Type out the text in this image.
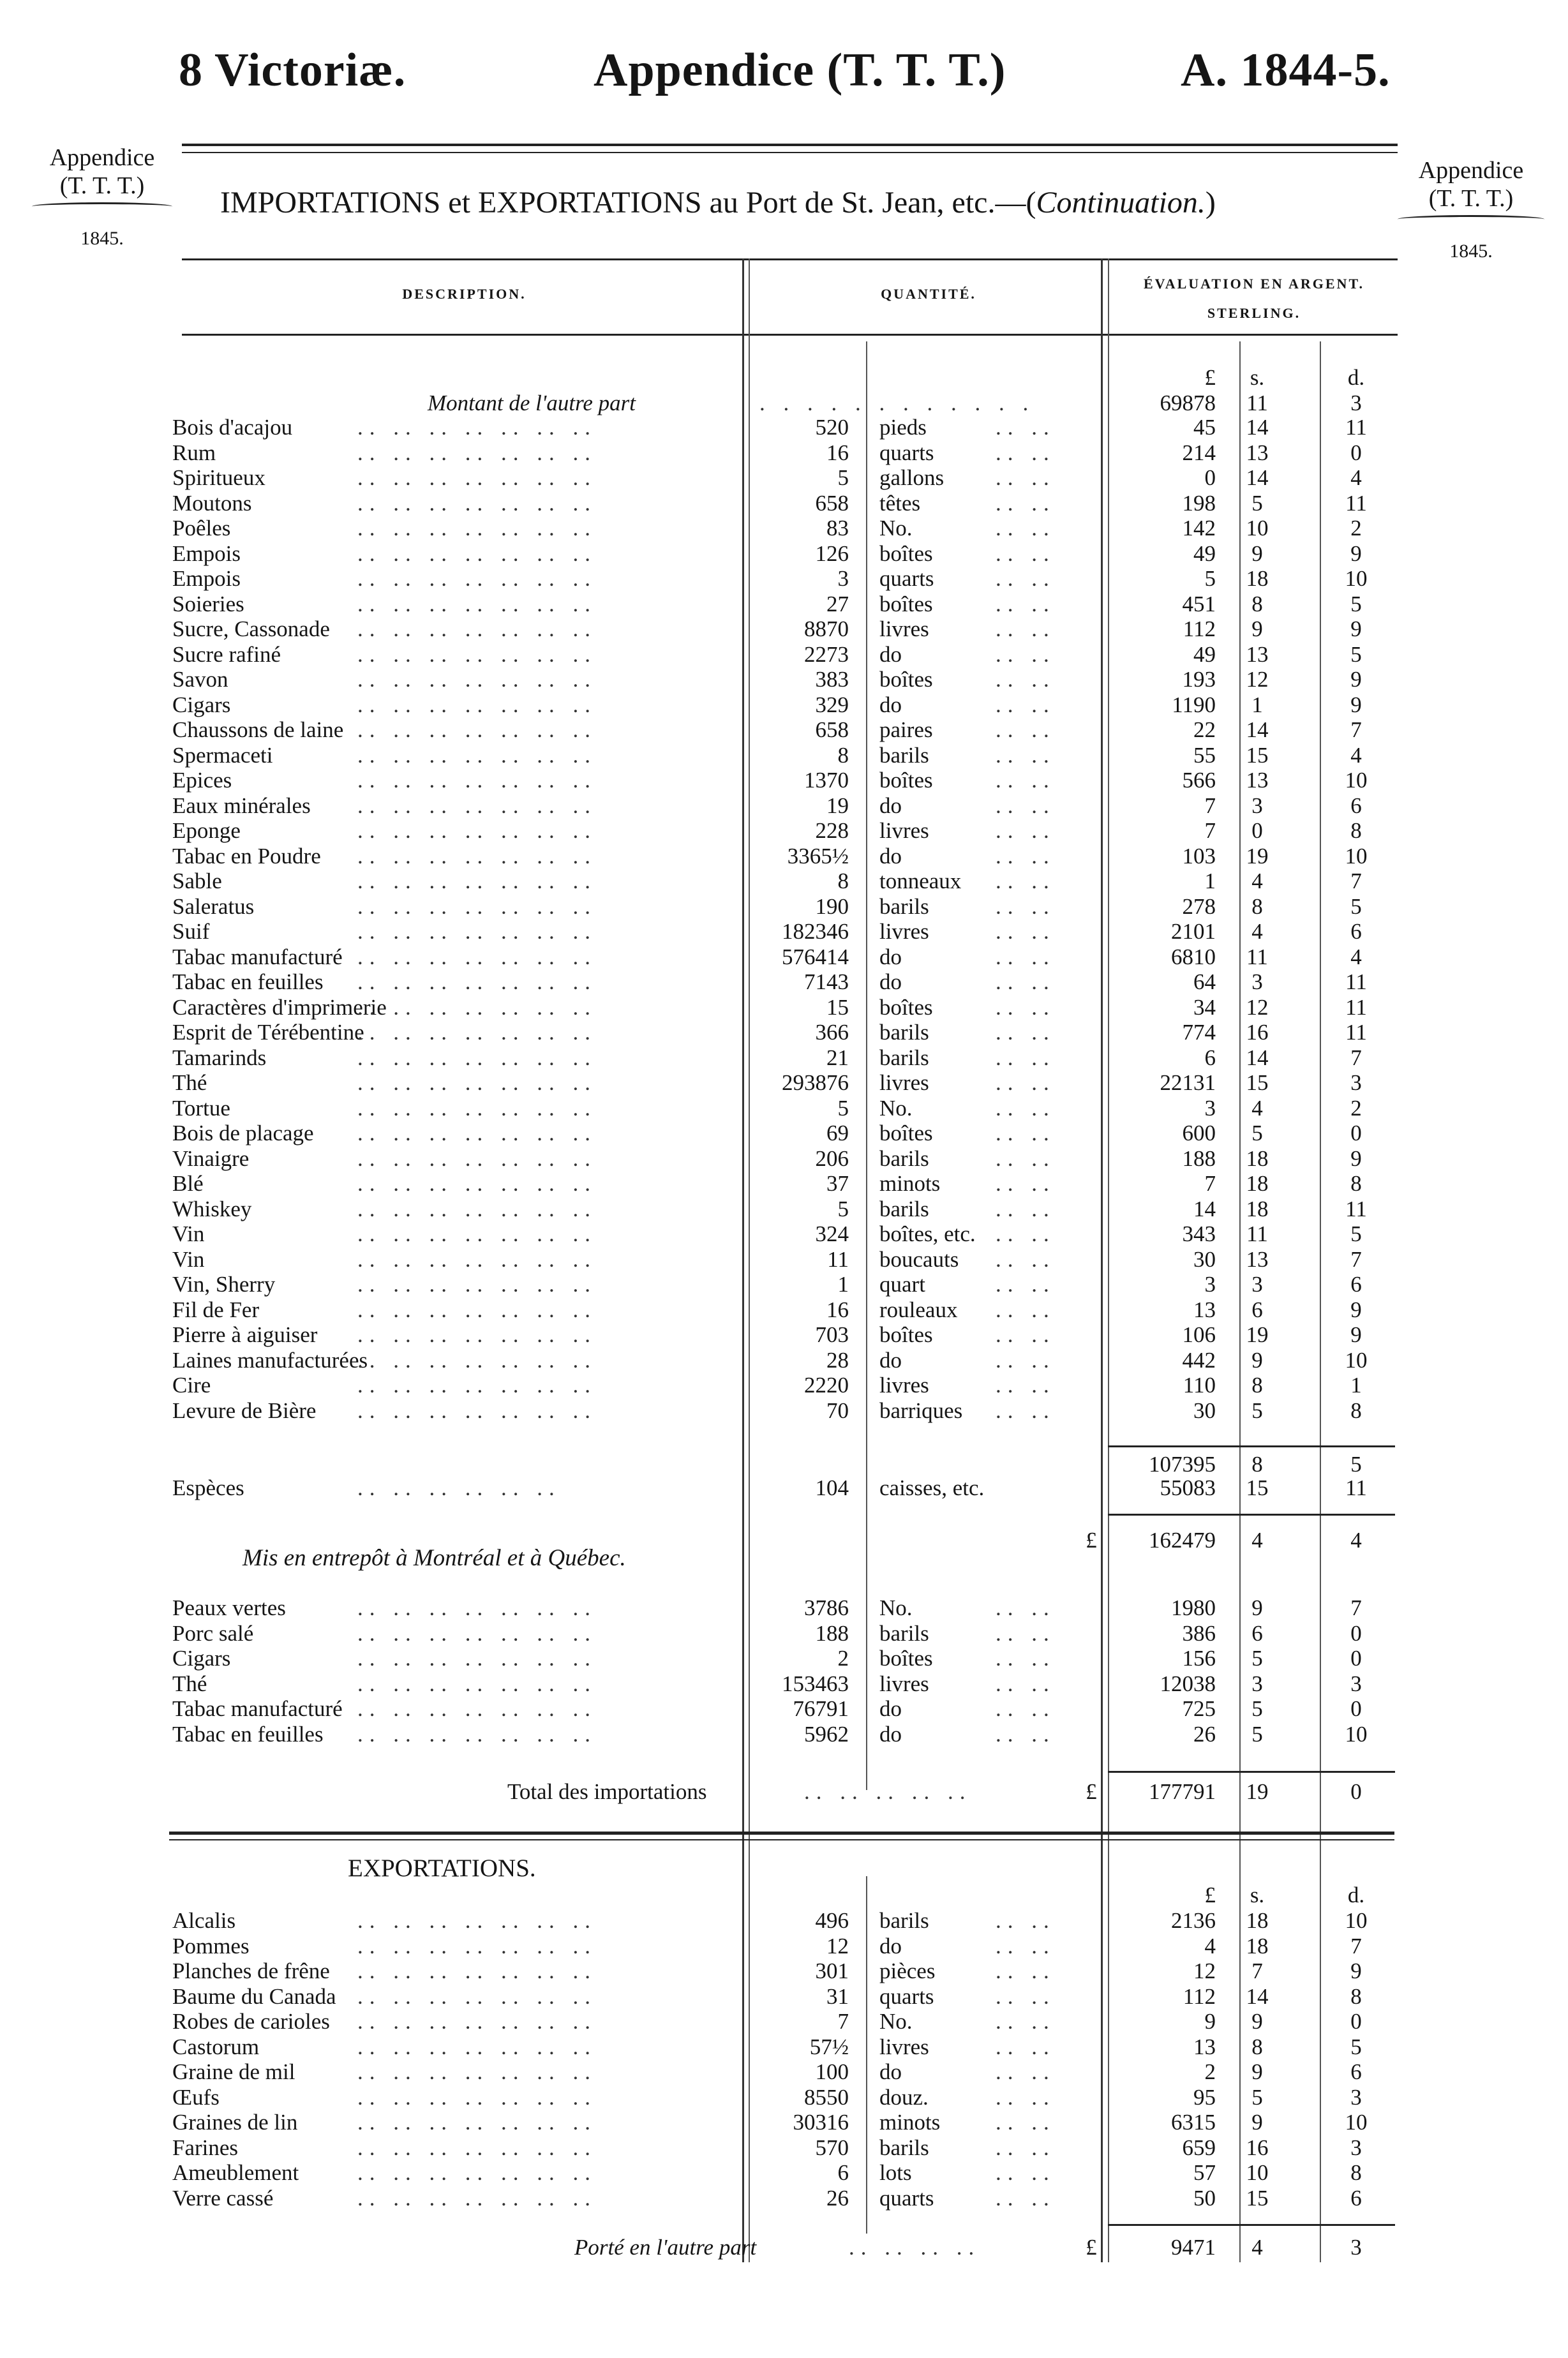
8 Victoriæ.	Appendice (T. T. T.)	A. 1844-5.
Appendice
(T. T. T.)
1845.
Appendice
(T. T. T.)
1845.
IMPORTATIONS et EXPORTATIONS au Port de St. Jean, etc.—(Continuation.)
DESCRIPTION.	QUANTITÉ.
ÉVALUATION EN ARGENT.
STERLING.
£	s.	d.
Montant de l'autre part	. . . . . . . . . . . .	69878	11	3
Bois d'acajou	.. .. .. .. .. .. ..	520 pieds	.. ..	45	14	11
Rum	.. .. .. .. .. .. ..	16 quarts	.. ..	214	13	0
Spiritueux	.. .. .. .. .. .. ..	5 gallons	.. ..	0	14	4
Moutons	.. .. .. .. .. .. ..	658 têtes	.. ..	198	5	11
Poêles	.. .. .. .. .. .. ..	83 No.	.. ..	142	10	2
Empois	.. .. .. .. .. .. ..	126 boîtes	.. ..	49	9	9
Empois	.. .. .. .. .. .. ..	3 quarts	.. ..	5	18	10
Soieries	.. .. .. .. .. .. ..	27 boîtes	.. ..	451	8	5
Sucre, Cassonade .. .. .. .. .. .. ..	8870 livres	.. ..	112	9	9
Sucre rafiné	.. .. .. .. .. .. ..	2273 do	.. ..	49	13	5
Savon	.. .. .. .. .. .. ..	383 boîtes	.. ..	193	12	9
Cigars	.. .. .. .. .. .. ..	329 do	.. ..	1190	1	9
Chaussons de laine .. .. .. .. .. .. ..	658 paires	.. ..	22	14	7
Spermaceti	.. .. .. .. .. .. ..	8 barils	.. ..	55	15	4
Epices	.. .. .. .. .. .. ..	1370 boîtes	.. ..	566	13	10
Eaux minérales .. .. .. .. .. .. ..	19 do	.. ..	7	3	6
Eponge	.. .. .. .. .. .. ..	228 livres	.. ..	7	0	8
Tabac en Poudre .. .. .. .. .. .. ..	3365½ do	.. ..	103	19	10
Sable	.. .. .. .. .. .. ..	8 tonneaux	.. ..	1	4	7
Saleratus	.. .. .. .. .. .. ..	190 barils	.. ..	278	8	5
Suif	.. .. .. .. .. .. ..	182346 livres	.. ..	2101	4	6
Tabac manufacturé .. .. .. .. .. .. ..	576414 do	.. ..	6810	11	4
Tabac en feuilles .. .. .. .. .. .. ..	7143 do	.. ..	64	3	11
Caractères d'imprimerie
.. .. .. .. .. .. ..	15 boîtes	.. ..	34	12	11
Esprit de Térébentine
.. .. .. .. .. .. ..	366 barils	.. ..	774	16	11
Tamarinds	.. .. .. .. .. .. ..	21 barils	.. ..	6	14	7
Thé	.. .. .. .. .. .. ..	293876 livres	.. ..	22131	15	3
Tortue	.. .. .. .. .. .. ..	5 No.	.. ..	3	4	2
Bois de placage .. .. .. .. .. .. ..	69 boîtes	.. ..	600	5	0
Vinaigre	.. .. .. .. .. .. ..	206 barils	.. ..	188	18	9
Blé	.. .. .. .. .. .. ..	37 minots	.. ..	7	18	8
Whiskey	.. .. .. .. .. .. ..	5 barils	.. ..	14	18	11
Vin	.. .. .. .. .. .. ..	324 boîtes, etc. .. ..	343	11	5
Vin	.. .. .. .. .. .. ..	11 boucauts	.. ..	30	13	7
Vin, Sherry	.. .. .. .. .. .. ..	1 quart	.. ..	3	3	6
Fil de Fer	.. .. .. .. .. .. ..	16 rouleaux	.. ..	13	6	9
Pierre à aiguiser .. .. .. .. .. .. ..	703 boîtes	.. ..	106	19	9
Laines manufacturées
.. .. .. .. .. .. ..	28 do	.. ..	442	9	10
Cire	.. .. .. .. .. .. ..	2220 livres	.. ..	110	8	1
Levure de Bière .. .. .. .. .. .. ..	70 barriques	.. ..	30	5	8
107395	8	5
Espèces	.. .. .. .. .. ..	104 caisses, etc.	55083	15	11
£	162479	4	4
Mis en entrepôt à Montréal et à Québec.
Peaux vertes	.. .. .. .. .. .. ..	3786 No.	.. ..	1980	9	7
Porc salé	.. .. .. .. .. .. ..	188 barils	.. ..	386	6	0
Cigars	.. .. .. .. .. .. ..	2 boîtes	.. ..	156	5	0
Thé	.. .. .. .. .. .. ..	153463 livres	.. ..	12038	3	3
Tabac manufacturé .. .. .. .. .. .. ..	76791 do	.. ..	725	5	0
Tabac en feuilles .. .. .. .. .. .. ..	5962 do	.. ..	26	5	10
Total des importations	.. .. .. .. ..	£	177791	19	0
EXPORTATIONS.
£	s.	d.
Alcalis	.. .. .. .. .. .. ..	496 barils	.. ..	2136	18	10
Pommes	.. .. .. .. .. .. ..	12 do	.. ..	4	18	7
Planches de frêne .. .. .. .. .. .. ..	301 pièces	.. ..	12	7	9
Baume du Canada .. .. .. .. .. .. ..	31 quarts	.. ..	112	14	8
Robes de carioles .. .. .. .. .. .. ..	7 No.	.. ..	9	9	0
Castorum	.. .. .. .. .. .. ..	57½ livres	.. ..	13	8	5
Graine de mil	.. .. .. .. .. .. ..	100 do	.. ..	2	9	6
Œufs	.. .. .. .. .. .. ..	8550 douz.	.. ..	95	5	3
Graines de lin	.. .. .. .. .. .. ..	30316 minots	.. ..	6315	9	10
Farines	.. .. .. .. .. .. ..	570 barils	.. ..	659	16	3
Ameublement	.. .. .. .. .. .. ..	6 lots	.. ..	57	10	8
Verre cassé	.. .. .. .. .. .. ..	26 quarts	.. ..	50	15	6
Porté en l'autre part	.. .. .. ..	£	9471	4	3
